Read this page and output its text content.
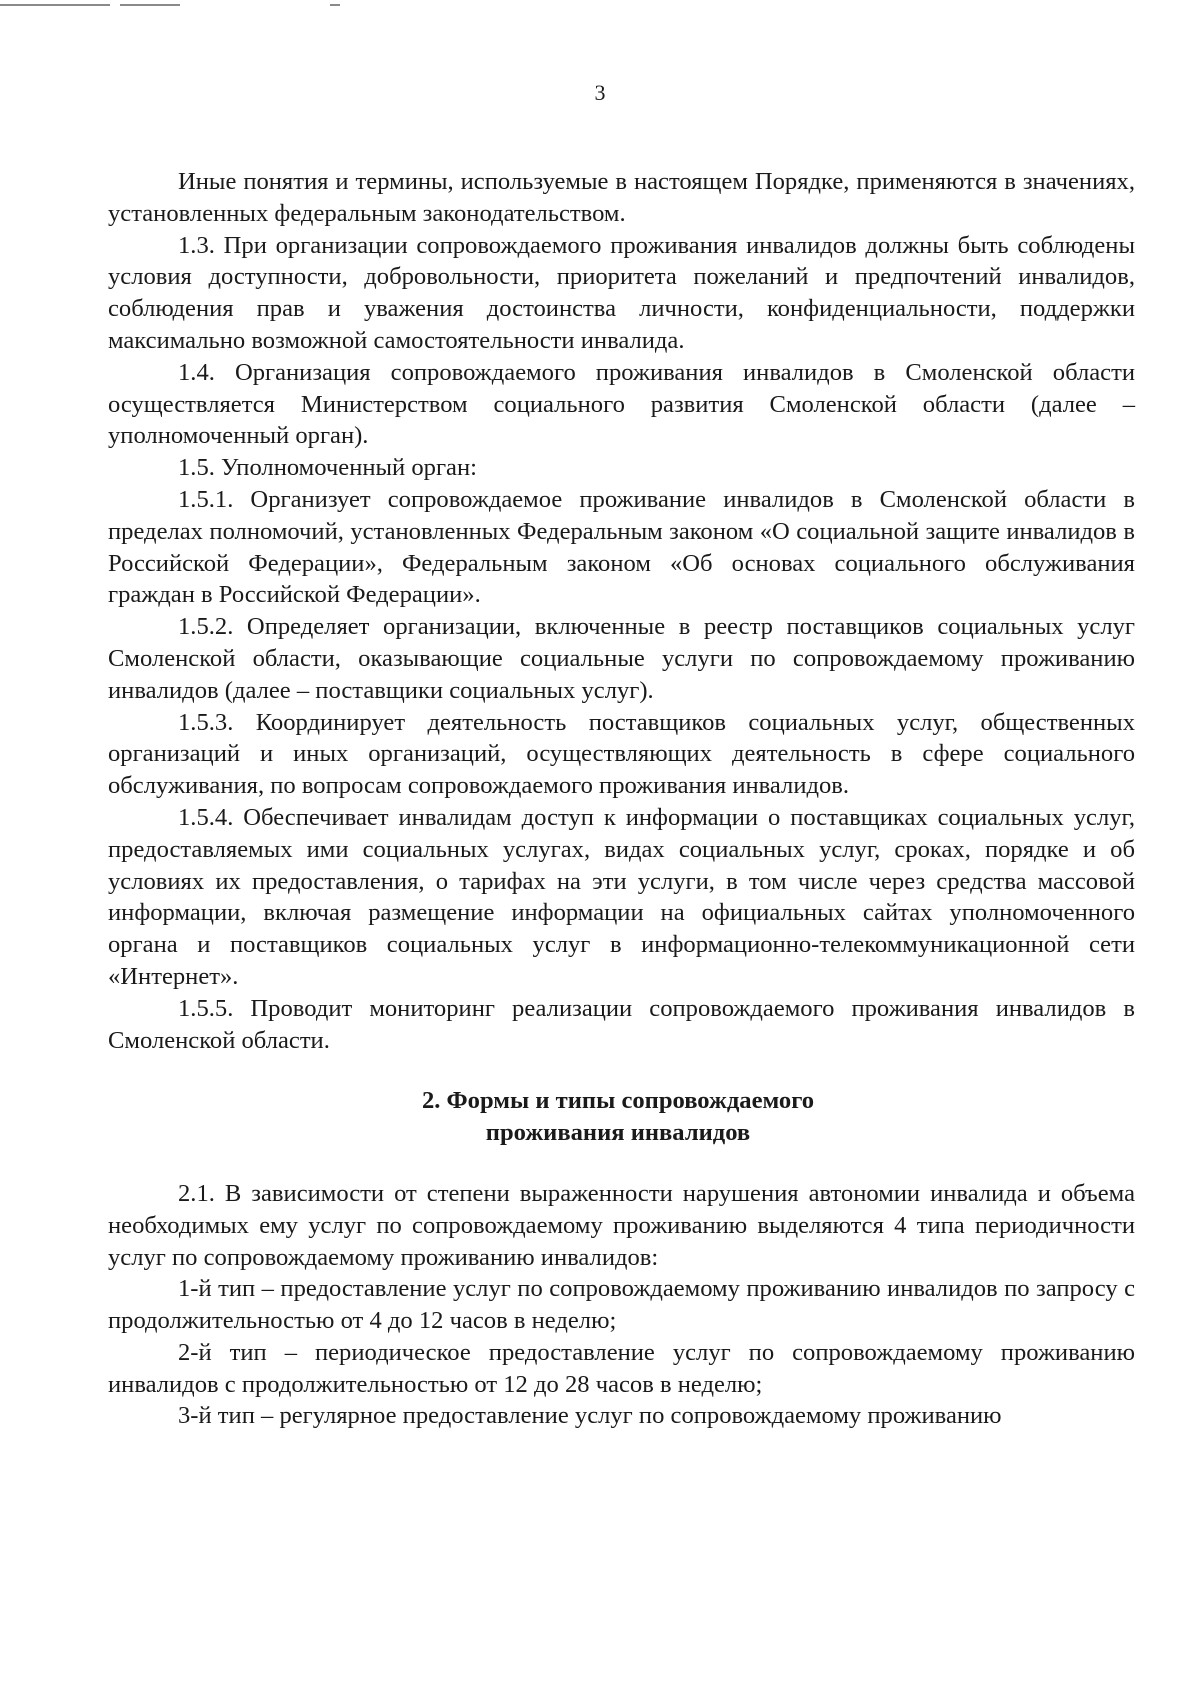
3

Иные понятия и термины, используемые в настоящем Порядке, применяются в значениях, установленных федеральным законодательством.

1.3. При организации сопровождаемого проживания инвалидов должны быть соблюдены условия доступности, добровольности, приоритета пожеланий и предпочтений инвалидов, соблюдения прав и уважения достоинства личности, конфиденциальности, поддержки максимально возможной самостоятельности инвалида.

1.4. Организация сопровождаемого проживания инвалидов в Смоленской области осуществляется Министерством социального развития Смоленской области (далее – уполномоченный орган).

1.5. Уполномоченный орган:

1.5.1. Организует сопровождаемое проживание инвалидов в Смоленской области в пределах полномочий, установленных Федеральным законом «О социальной защите инвалидов в Российской Федерации», Федеральным законом «Об основах социального обслуживания граждан в Российской Федерации».

1.5.2. Определяет организации, включенные в реестр поставщиков социальных услуг Смоленской области, оказывающие социальные услуги по сопровождаемому проживанию инвалидов (далее – поставщики социальных услуг).

1.5.3. Координирует деятельность поставщиков социальных услуг, общественных организаций и иных организаций, осуществляющих деятельность в сфере социального обслуживания, по вопросам сопровождаемого проживания инвалидов.

1.5.4. Обеспечивает инвалидам доступ к информации о поставщиках социальных услуг, предоставляемых ими социальных услугах, видах социальных услуг, сроках, порядке и об условиях их предоставления, о тарифах на эти услуги, в том числе через средства массовой информации, включая размещение информации на официальных сайтах уполномоченного органа и поставщиков социальных услуг в информационно-телекоммуникационной сети «Интернет».

1.5.5. Проводит мониторинг реализации сопровождаемого проживания инвалидов в Смоленской области.

2. Формы и типы сопровождаемого
проживания инвалидов

2.1. В зависимости от степени выраженности нарушения автономии инвалида и объема необходимых ему услуг по сопровождаемому проживанию выделяются 4 типа периодичности услуг по сопровождаемому проживанию инвалидов:

1-й тип – предоставление услуг по сопровождаемому проживанию инвалидов по запросу с продолжительностью от 4 до 12 часов в неделю;

2-й тип – периодическое предоставление услуг по сопровождаемому проживанию инвалидов с продолжительностью от 12 до 28 часов в неделю;

3-й тип – регулярное предоставление услуг по сопровождаемому проживанию
